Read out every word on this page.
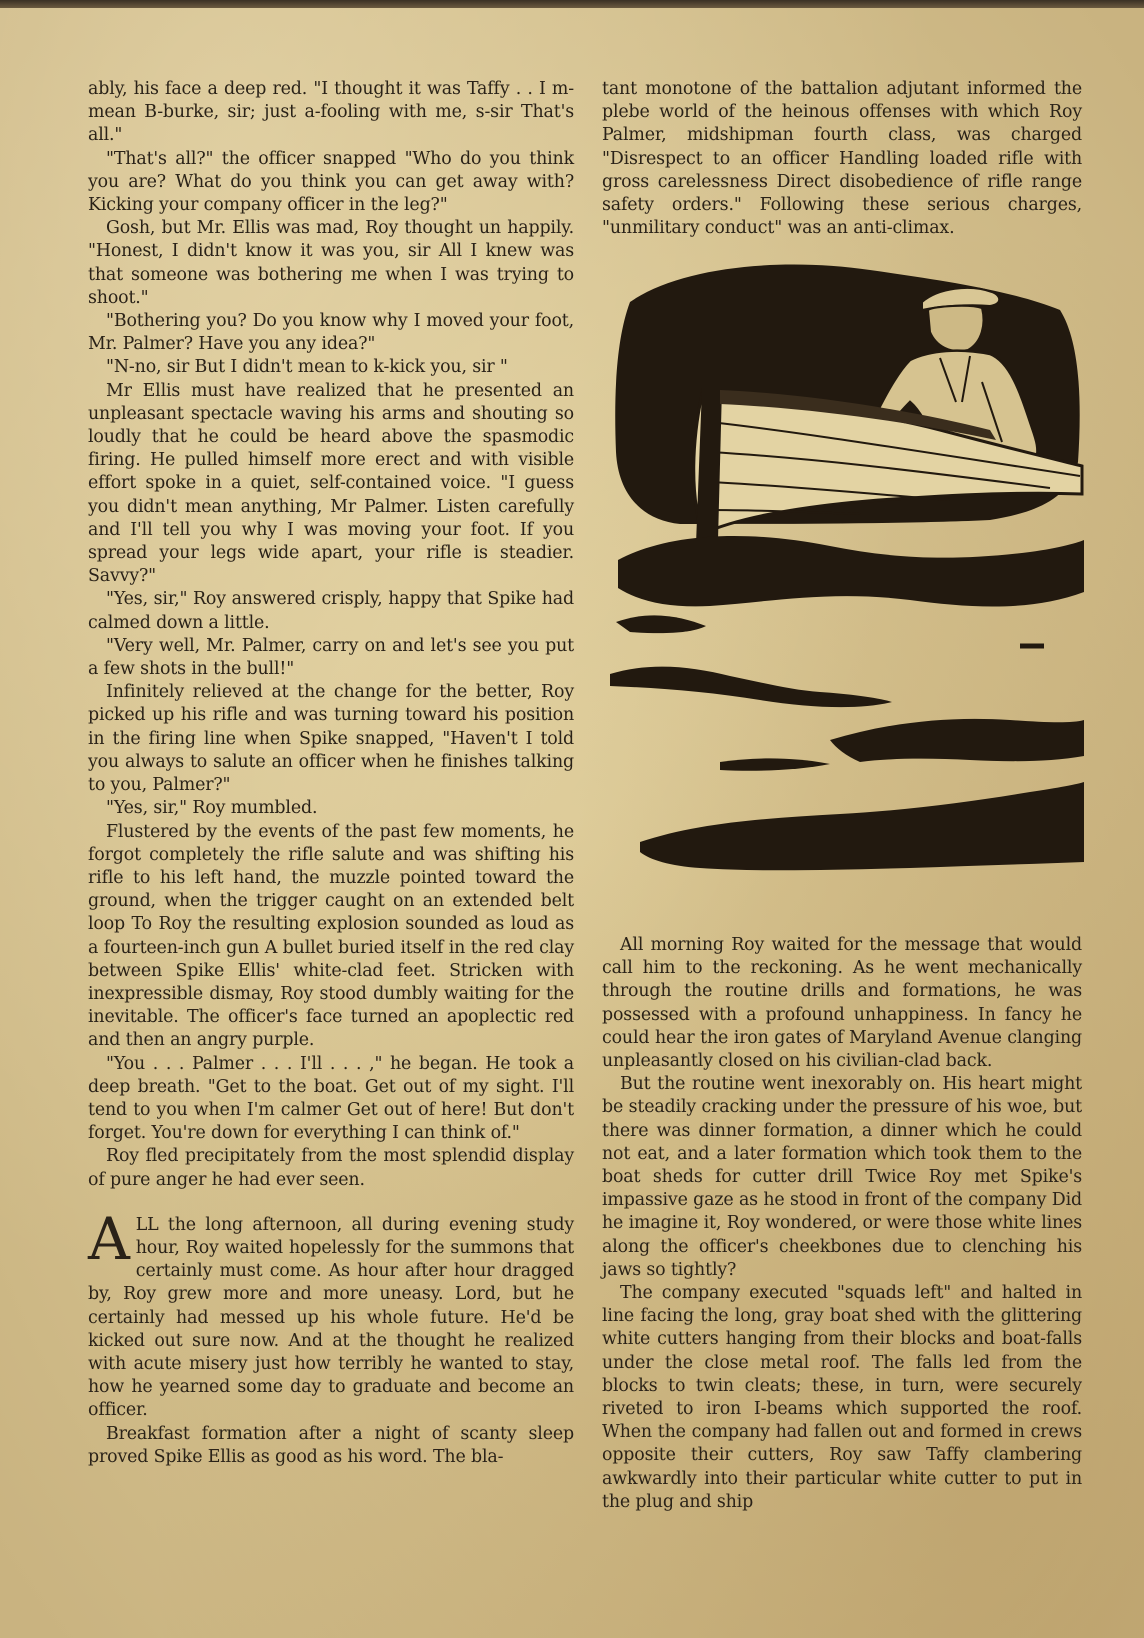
ably, his face a deep red. "I thought it was Taffy . . I m-mean B-burke, sir; just a-fooling with me, s-sir That's all."

"That's all?" the officer snapped "Who do you think you are? What do you think you can get away with? Kicking your company officer in the leg?"

Gosh, but Mr. Ellis was mad, Roy thought un happily. "Honest, I didn't know it was you, sir All I knew was that someone was bothering me when I was trying to shoot."

"Bothering you? Do you know why I moved your foot, Mr. Palmer? Have you any idea?"

"N-no, sir But I didn't mean to k-kick you, sir "

Mr Ellis must have realized that he presented an unpleasant spectacle waving his arms and shouting so loudly that he could be heard above the spasmodic firing. He pulled himself more erect and with visible effort spoke in a quiet, self-contained voice. "I guess you didn't mean anything, Mr Palmer. Listen carefully and I'll tell you why I was moving your foot. If you spread your legs wide apart, your rifle is steadier. Savvy?"

"Yes, sir," Roy answered crisply, happy that Spike had calmed down a little.

"Very well, Mr. Palmer, carry on and let's see you put a few shots in the bull!"

Infinitely relieved at the change for the better, Roy picked up his rifle and was turning toward his position in the firing line when Spike snapped, "Haven't I told you always to salute an officer when he finishes talking to you, Palmer?"

"Yes, sir," Roy mumbled.

Flustered by the events of the past few moments, he forgot completely the rifle salute and was shifting his rifle to his left hand, the muzzle pointed toward the ground, when the trigger caught on an extended belt loop To Roy the resulting explosion sounded as loud as a fourteen-inch gun A bullet buried itself in the red clay between Spike Ellis' white-clad feet. Stricken with inexpressible dismay, Roy stood dumbly waiting for the inevitable. The officer's face turned an apoplectic red and then an angry purple.

"You . . . Palmer . . . I'll . . . ," he began. He took a deep breath. "Get to the boat. Get out of my sight. I'll tend to you when I'm calmer Get out of here! But don't forget. You're down for everything I can think of."

Roy fled precipitately from the most splendid display of pure anger he had ever seen.

ALL the long afternoon, all during evening study hour, Roy waited hopelessly for the summons that certainly must come. As hour after hour dragged by, Roy grew more and more uneasy. Lord, but he certainly had messed up his whole future. He'd be kicked out sure now. And at the thought he realized with acute misery just how terribly he wanted to stay, how he yearned some day to graduate and become an officer.

Breakfast formation after a night of scanty sleep proved Spike Ellis as good as his word. The bla-

tant monotone of the battalion adjutant informed the plebe world of the heinous offenses with which Roy Palmer, midshipman fourth class, was charged "Disrespect to an officer Handling loaded rifle with gross carelessness Direct disobedience of rifle range safety orders." Following these serious charges, "unmilitary conduct" was an anti-climax.

All morning Roy waited for the message that would call him to the reckoning. As he went mechanically through the routine drills and formations, he was possessed with a profound unhappiness. In fancy he could hear the iron gates of Maryland Avenue clanging unpleasantly closed on his civilian-clad back.

But the routine went inexorably on. His heart might be steadily cracking under the pressure of his woe, but there was dinner formation, a dinner which he could not eat, and a later formation which took them to the boat sheds for cutter drill Twice Roy met Spike's impassive gaze as he stood in front of the company Did he imagine it, Roy wondered, or were those white lines along the officer's cheekbones due to clenching his jaws so tightly?

The company executed "squads left" and halted in line facing the long, gray boat shed with the glittering white cutters hanging from their blocks and boat-falls under the close metal roof. The falls led from the blocks to twin cleats; these, in turn, were securely riveted to iron I-beams which supported the roof. When the company had fallen out and formed in crews opposite their cutters, Roy saw Taffy clambering awkwardly into their particular white cutter to put in the plug and ship
